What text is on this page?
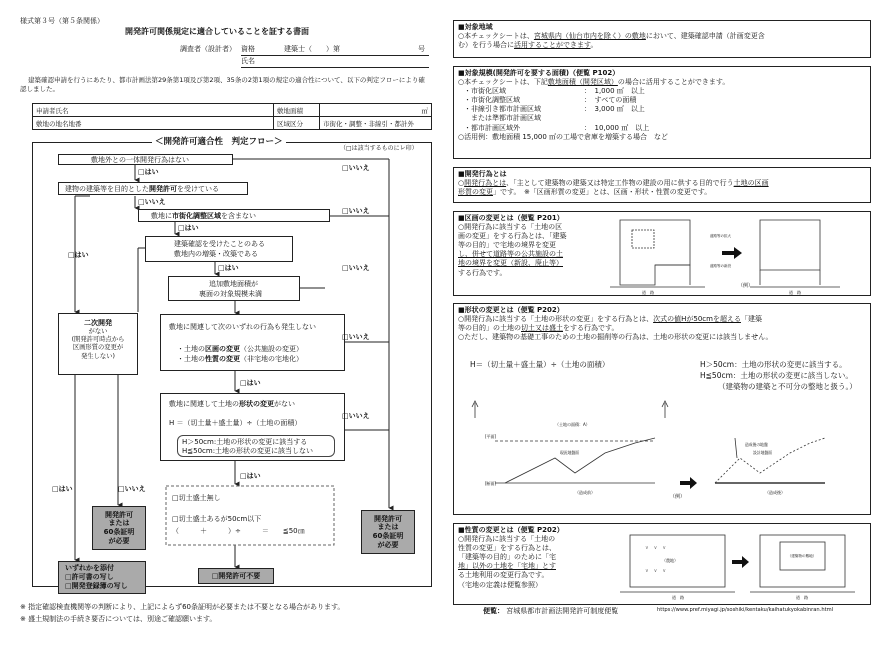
様式第３号（第５条関係）
開発許可関係規定に適合していることを証する書面
調査者（設計者） 資格	建築士（　　）第	号
氏名
建築確認申請を行うにあたり、都市計画法第29条第1項及び第2項、35条の2第1項の規定の適合性について、以下の判定フローにより確認しました。
申請者氏名	敷地面積	㎡
敷地の地名地番	区域区分	市街化・調整・非線引・都計外
＜開発許可適合性　判定フロー＞
（□は該当するものにレ印）
敷地外との一体開発行為はない
□はい
建物の建築等を目的とした開発許可を受けている
□いいえ
敷地に市街化調整区域を含まない
□はい
建築確認を受けたことのある
敷地内の増築・改築である
□はい
追加敷地面積が
裏面の対象規模未満
敷地に関連して次のいずれの行為も発生しない
・土地の区画の変更（公共施設の変更）
・土地の性質の変更（非宅地の宅地化）
□はい
敷地に関連して土地の形状の変更がない
H ＝（切土量＋盛土量）÷（土地の面積）
H＞50cm:土地の形状の変更に該当する
H≦50cm:土地の形状の変更に該当しない
□はい
□切土盛土無し
□切土盛土あるが50cm以下
（　　　＋　　　）÷　　　＝　　≦50㎝
□いいえ
□いいえ
□いいえ
□いいえ
□いいえ
□はい
□はい	□いいえ
二次開発
がない
(開発許可時点から
区画形質の変更が
発生しない)
開発許可
または
60条証明
が必要
開発許可
または
60条証明
が必要
いずれかを添付
□許可書の写し
□開発登録簿の写し
□開発許可不要
※ 指定確認検査機関等の判断により、上記によらず60条証明が必要または不要となる場合があります。
※ 盛土規制法の手続き要否については、別途ご確認願います。
■対象地域
○本チェックシートは、宮城県内（仙台市内を除く）の敷地において、建築確認申請（計画変更含
む）を行う場合に活用することができます。
■対象規模(開発許可を要する面積)（便覧 P102）
○本チェックシートは、下記敷地面積（開発区域）の場合に活用することができます。
・市街化区域	：　1,000 ㎡　以上
・市街化調整区域	：　すべての面積
・非線引き都市計画区域	：　3,000 ㎡　以上
　または準都市計画区域
・都市計画区域外	：　10,000 ㎡　以上
○活用例：敷地面積 15,000 ㎡の工場で倉庫を増築する場合　など
■開発行為とは
○開発行為とは、「主として建築物の建築又は特定工作物の建設の用に供する目的で行う土地の区画
形質の変更」です。　※「区画形質の変更」とは、区画・形状・性質の変更です。
■区画の変更とは（便覧 P201）
○開発行為に該当する「土地の区
画の変更」をする行為とは、「建築
等の目的」で宅地の境界を変更
し、併せて道路等の公共施設の土
地の境界を変更（新設、廃止等）
する行為です。
道　路	道　路
道路等の拡大
道路等の新設
（例）
■形状の変更とは（便覧 P202）
○開発行為に該当する「土地の形状の変更」をする行為とは、次式の値Hが50cmを超える「建築
等の目的」の土地の切土又は盛土をする行為です。
○ただし、建築物の基礎工事のための土地の掘削等の行為は、土地の形状の変更には該当しません。
H＝（切土量＋盛土量）÷（土地の面積）	H＞50cm：土地の形状の変更に該当する。
H≦50cm：土地の形状の変更に該当しない。
（建築物の建築と不可分の整地と扱う。）
[平面]
[断面]
（土地の面積：A）
現況地盤面
造成後の地盤
設計地盤面
（造成前）	（造成後）
（例）
■性質の変更とは（便覧 P202）
○開発行為に該当する「土地の
性質の変更」をする行為とは、
「建築等の目的」のために「宅
地」以外の土地を「宅地」とす
る土地利用の変更行為です。
（宅地の定義は便覧参照）
∨　∨　∨
∨　∨　∨
（農地）
（建築物の敷地）
道　路	道　路
便覧： 宮城県都市計画法開発許可制度便覧	https://www.pref.miyagi.jp/soshiki/kentaku/kaihatukyokabinran.html
